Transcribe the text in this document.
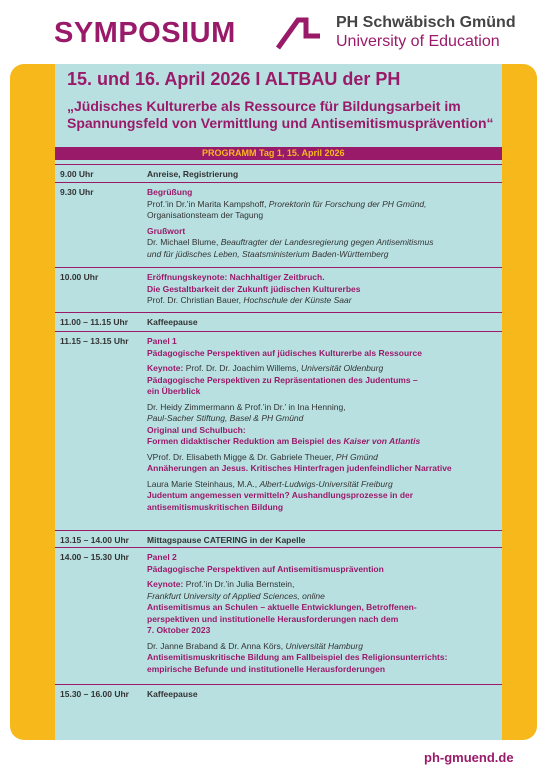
SYMPOSIUM	PH Schwäbisch Gmünd
University of Education
15. und 16. April 2026 I ALTBAU der PH
„Jüdisches Kulturerbe als Ressource für Bildungsarbeit im Spannungsfeld von Vermittlung und Antisemitismusprävention“
PROGRAMM Tag 1, 15. April 2026
9.00 Uhr	Anreise, Registrierung
9.30 Uhr	Begrüßung
Prof.’in Dr.’in Marita Kampshoff, Prorektorin für Forschung der PH Gmünd,
Organisationsteam der Tagung
Grußwort
Dr. Michael Blume, Beauftragter der Landesregierung gegen Antisemitismus
und für jüdisches Leben, Staatsministerium Baden-Württemberg
10.00 Uhr	Eröffnungskeynote: Nachhaltiger Zeitbruch.
Die Gestaltbarkeit der Zukunft jüdischen Kulturerbes
Prof. Dr. Christian Bauer, Hochschule der Künste Saar
11.00 – 11.15 Uhr Kaffeepause
11.15 – 13.15 Uhr Panel 1
Pädagogische Perspektiven auf jüdisches Kulturerbe als Ressource
Keynote: Prof. Dr. Dr. Joachim Willems, Universität Oldenburg
Pädagogische Perspektiven zu Repräsentationen des Judentums –
ein Überblick
Dr. Heidy Zimmermann & Prof.’in Dr.’ in Ina Henning,
Paul-Sacher Stiftung, Basel & PH Gmünd
Original und Schulbuch:
Formen didaktischer Reduktion am Beispiel des Kaiser von Atlantis
VProf. Dr. Elisabeth Migge & Dr. Gabriele Theuer, PH Gmünd
Annäherungen an Jesus. Kritisches Hinterfragen judenfeindlicher Narrative
Laura Marie Steinhaus, M.A., Albert-Ludwigs-Universität Freiburg
Judentum angemessen vermitteln? Aushandlungsprozesse in der
antisemitismuskritischen Bildung
13.15 – 14.00 Uhr Mittagspause CATERING in der Kapelle
14.00 – 15.30 Uhr Panel 2
Pädagogische Perspektiven auf Antisemitismusprävention
Keynote: Prof.’in Dr.’in Julia Bernstein,
Frankfurt University of Applied Sciences, online
Antisemitismus an Schulen – aktuelle Entwicklungen, Betroffenen-
perspektiven und institutionelle Herausforderungen nach dem
7. Oktober 2023
Dr. Janne Braband & Dr. Anna Körs, Universität Hamburg
Antisemitismuskritische Bildung am Fallbeispiel des Religionsunterrichts:
empirische Befunde und institutionelle Herausforderungen
15.30 – 16.00 Uhr Kaffeepause
ph-gmuend.de
